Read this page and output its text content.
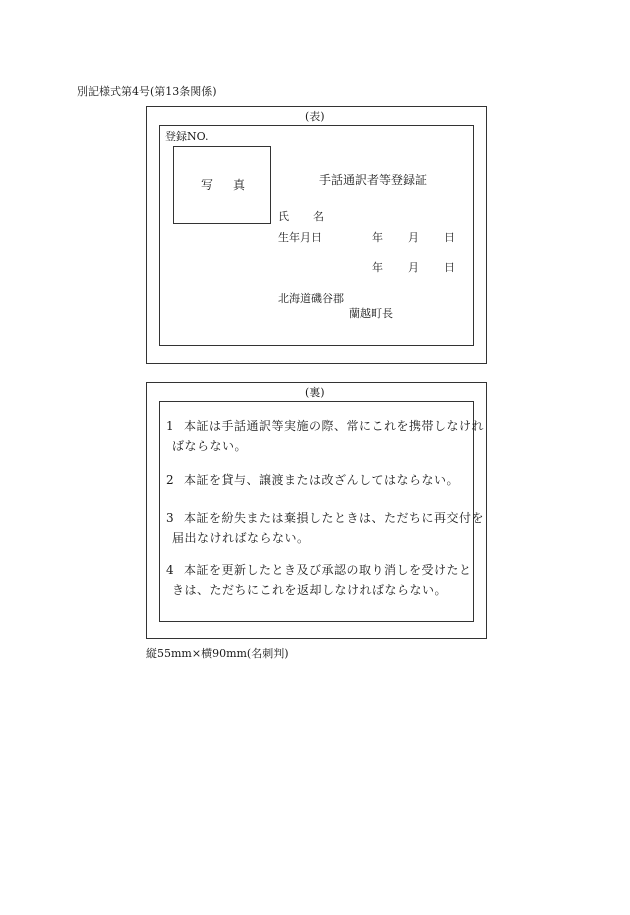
別記様式第4号(第13条関係)
(表)
登録NO.
写 真	手話通訳者等登録証
氏 名
生年月日	年 月 日
年 月 日
北海道磯谷郡
蘭越町長
(裏)
1 本証は手話通訳等実施の際、常にこれを携帯しなけれ
ばならない。
2 本証を貸与、譲渡または改ざんしてはならない。
3 本証を紛失または棄損したときは、ただちに再交付を
届出なければならない。
4 本証を更新したとき及び承認の取り消しを受けたと
きは、ただちにこれを返却しなければならない。
縦55mm×横90mm(名刺判)
